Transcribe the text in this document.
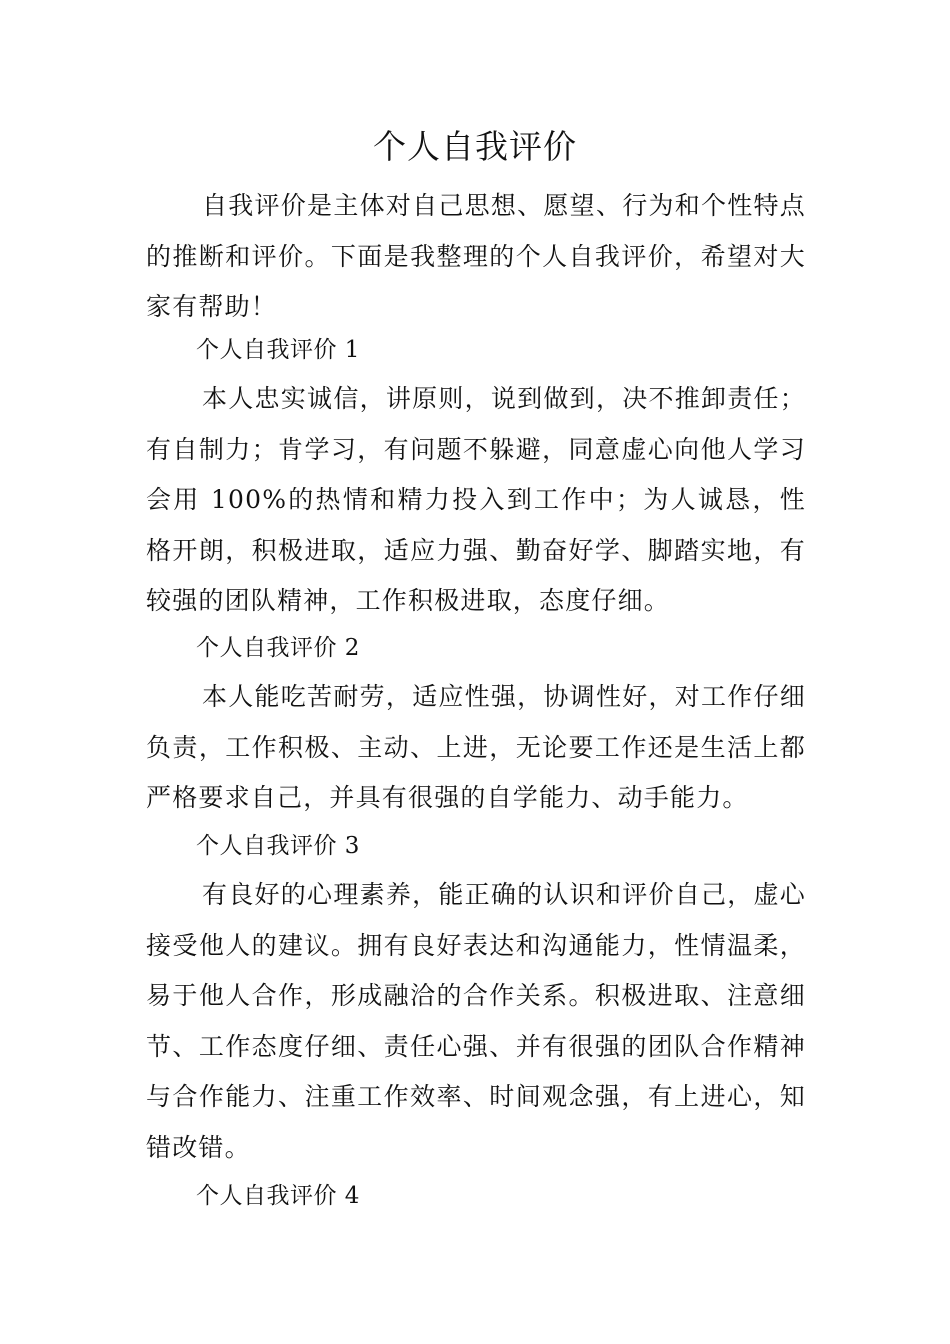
个人自我评价

自我评价是主体对自己思想、愿望、行为和个性特点的推断和评价。下面是我整理的个人自我评价，希望对大家有帮助！

个人自我评价 1

本人忠实诚信，讲原则，说到做到，决不推卸责任；有自制力；肯学习，有问题不躲避，同意虚心向他人学习会用 100%的热情和精力投入到工作中；为人诚恳，性格开朗，积极进取，适应力强、勤奋好学、脚踏实地，有较强的团队精神，工作积极进取，态度仔细。

个人自我评价 2

本人能吃苦耐劳，适应性强，协调性好，对工作仔细负责，工作积极、主动、上进，无论要工作还是生活上都严格要求自己，并具有很强的自学能力、动手能力。

个人自我评价 3

有良好的心理素养，能正确的认识和评价自己，虚心接受他人的建议。拥有良好表达和沟通能力，性情温柔，易于他人合作，形成融洽的合作关系。积极进取、注意细节、工作态度仔细、责任心强、并有很强的团队合作精神与合作能力、注重工作效率、时间观念强，有上进心，知错改错。

个人自我评价 4
